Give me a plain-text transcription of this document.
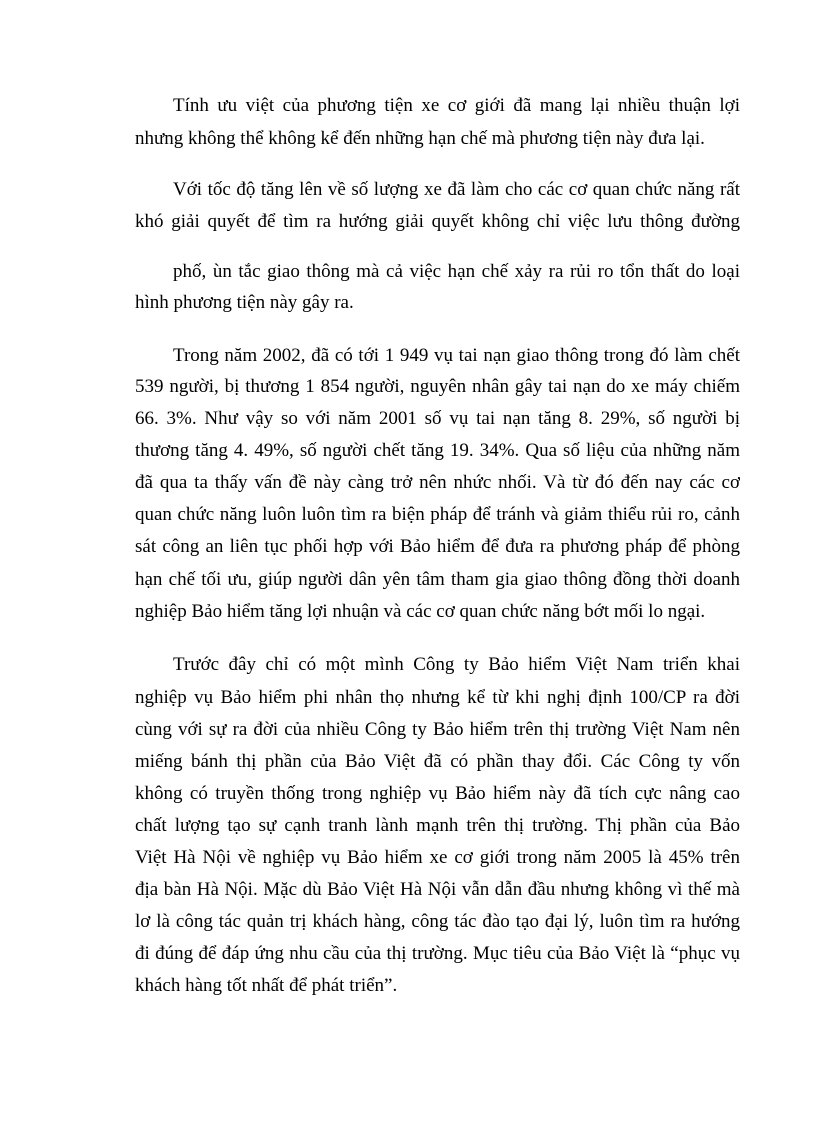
Tính ưu việt của phương tiện xe cơ giới đã mang lại nhiều thuận lợi
nhưng không thể không kể đến những hạn chế mà phương tiện này đưa lại.
Với tốc độ tăng lên về số lượng xe đã làm cho các cơ quan chức năng rất
khó giải quyết để tìm ra hướng giải quyết không chỉ việc lưu thông đường
phố, ùn tắc giao thông mà cả việc hạn chế xảy ra rủi ro tổn thất do loại
hình phương tiện này gây ra.
Trong năm 2002, đã có tới 1 949 vụ tai nạn giao thông trong đó làm chết
539 người, bị thương 1 854 người, nguyên nhân gây tai nạn do xe máy chiếm
66. 3%. Như vậy so với năm 2001 số vụ tai nạn tăng 8. 29%, số người bị
thương tăng 4. 49%, số người chết tăng 19. 34%. Qua số liệu của những năm
đã qua ta thấy vấn đề này càng trở nên nhức nhối. Và từ đó đến nay các cơ
quan chức năng luôn luôn tìm ra biện pháp để tránh và giảm thiểu rủi ro, cảnh
sát công an liên tục phối hợp với Bảo hiểm để đưa ra phương pháp để phòng
hạn chế tối ưu, giúp người dân yên tâm tham gia giao thông đồng thời doanh
nghiệp Bảo hiểm tăng lợi nhuận và các cơ quan chức năng bớt mối lo ngại.
Trước đây chỉ có một mình Công ty Bảo hiểm Việt Nam triển khai
nghiệp vụ Bảo hiểm phi nhân thọ nhưng kể từ khi nghị định 100/CP ra đời
cùng với sự ra đời của nhiều Công ty Bảo hiểm trên thị trường Việt Nam nên
miếng bánh thị phần của Bảo Việt đã có phần thay đổi. Các Công ty vốn
không có truyền thống trong nghiệp vụ Bảo hiểm này đã tích cực nâng cao
chất lượng tạo sự cạnh tranh lành mạnh trên thị trường. Thị phần của Bảo
Việt Hà Nội về nghiệp vụ Bảo hiểm xe cơ giới trong năm 2005 là 45% trên
địa bàn Hà Nội. Mặc dù Bảo Việt Hà Nội vẫn dẫn đầu nhưng không vì thế mà
lơ là công tác quản trị khách hàng, công tác đào tạo đại lý, luôn tìm ra hướng
đi đúng để đáp ứng nhu cầu của thị trường. Mục tiêu của Bảo Việt là “phục vụ
khách hàng tốt nhất để phát triển”.
